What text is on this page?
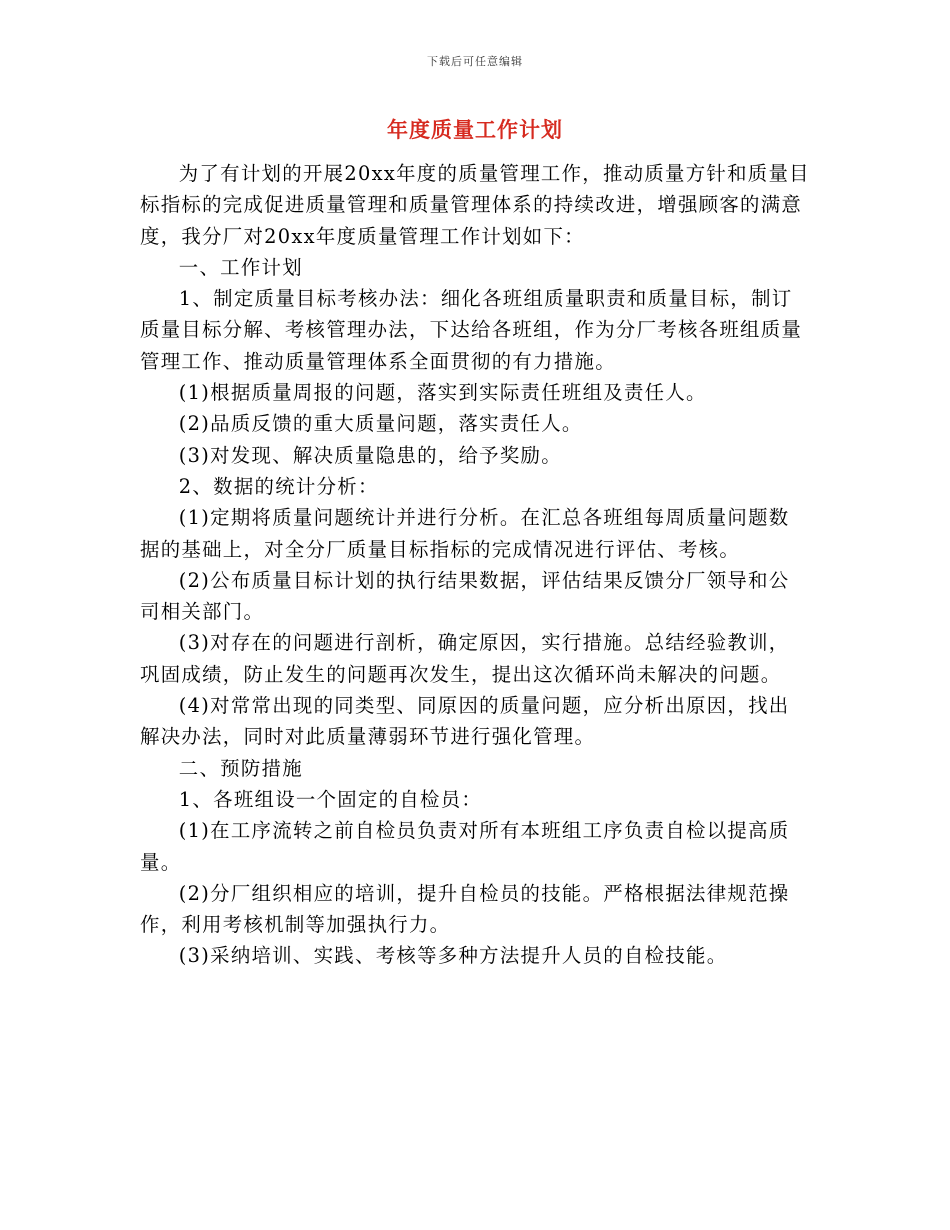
下载后可任意编辑
年度质量工作计划

为了有计划的开展20xx年度的质量管理工作，推动质量方针和质量目标指标的完成促进质量管理和质量管理体系的持续改进，增强顾客的满意度，我分厂对20xx年度质量管理工作计划如下：

一、工作计划

1、制定质量目标考核办法：细化各班组质量职责和质量目标，制订质量目标分解、考核管理办法，下达给各班组，作为分厂考核各班组质量管理工作、推动质量管理体系全面贯彻的有力措施。

(1)根据质量周报的问题，落实到实际责任班组及责任人。

(2)品质反馈的重大质量问题，落实责任人。

(3)对发现、解决质量隐患的，给予奖励。

2、数据的统计分析：

(1)定期将质量问题统计并进行分析。在汇总各班组每周质量问题数据的基础上，对全分厂质量目标指标的完成情况进行评估、考核。

(2)公布质量目标计划的执行结果数据，评估结果反馈分厂领导和公司相关部门。

(3)对存在的问题进行剖析，确定原因，实行措施。总结经验教训，巩固成绩，防止发生的问题再次发生，提出这次循环尚未解决的问题。

(4)对常常出现的同类型、同原因的质量问题，应分析出原因，找出解决办法，同时对此质量薄弱环节进行强化管理。

二、预防措施

1、各班组设一个固定的自检员：

(1)在工序流转之前自检员负责对所有本班组工序负责自检以提高质量。

(2)分厂组织相应的培训，提升自检员的技能。严格根据法律规范操作，利用考核机制等加强执行力。

(3)采纳培训、实践、考核等多种方法提升人员的自检技能。
